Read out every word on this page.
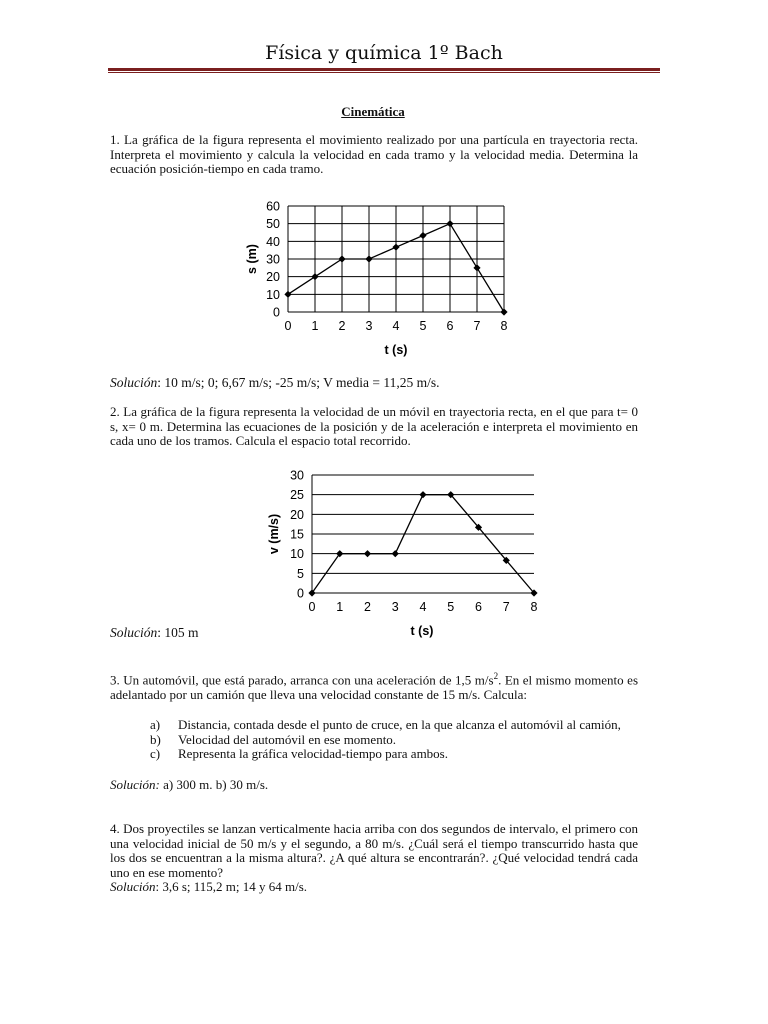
Física y química 1º Bach
Cinemática
1. La gráfica de la figura representa el movimiento realizado por una partícula en trayectoria recta. Interpreta el movimiento y calcula la velocidad en cada tramo y la velocidad media. Determina la ecuación posición-tiempo en cada tramo.
0
10
20
30
40
50
60
0 1 2 3 4 5 6 7 8
t (s)
s (m)
Solución: 10 m/s; 0; 6,67 m/s; -25 m/s; V media = 11,25 m/s.
2. La gráfica de la figura representa la velocidad de un móvil en trayectoria recta, en el que para t= 0 s, x= 0 m. Determina las ecuaciones de la posición y de la aceleración e interpreta el movimiento en cada uno de los tramos. Calcula el espacio total recorrido.
0
5
10
15
20
25
30
0 1 2 3 4 5 6 7 8
t (s)
v (m/s)
Solución: 105 m
3. Un automóvil, que está parado, arranca con una aceleración de 1,5 $m/s^2$. En el mismo momento es adelantado por un camión que lleva una velocidad constante de 15 m/s. Calcula:
a) Distancia, contada desde el punto de cruce, en la que alcanza el automóvil al camión,
b) Velocidad del automóvil en ese momento.
c) Representa la gráfica velocidad-tiempo para ambos.
Solución: a) 300 m. b) 30 m/s.
4. Dos proyectiles se lanzan verticalmente hacia arriba con dos segundos de intervalo, el primero con una velocidad inicial de 50 m/s y el segundo, a 80 m/s. ¿Cuál será el tiempo transcurrido hasta que los dos se encuentran a la misma altura?. ¿A qué altura se encontrarán?. ¿Qué velocidad tendrá cada uno en ese momento?
Solución: 3,6 s; 115,2 m; 14 y 64 m/s.
